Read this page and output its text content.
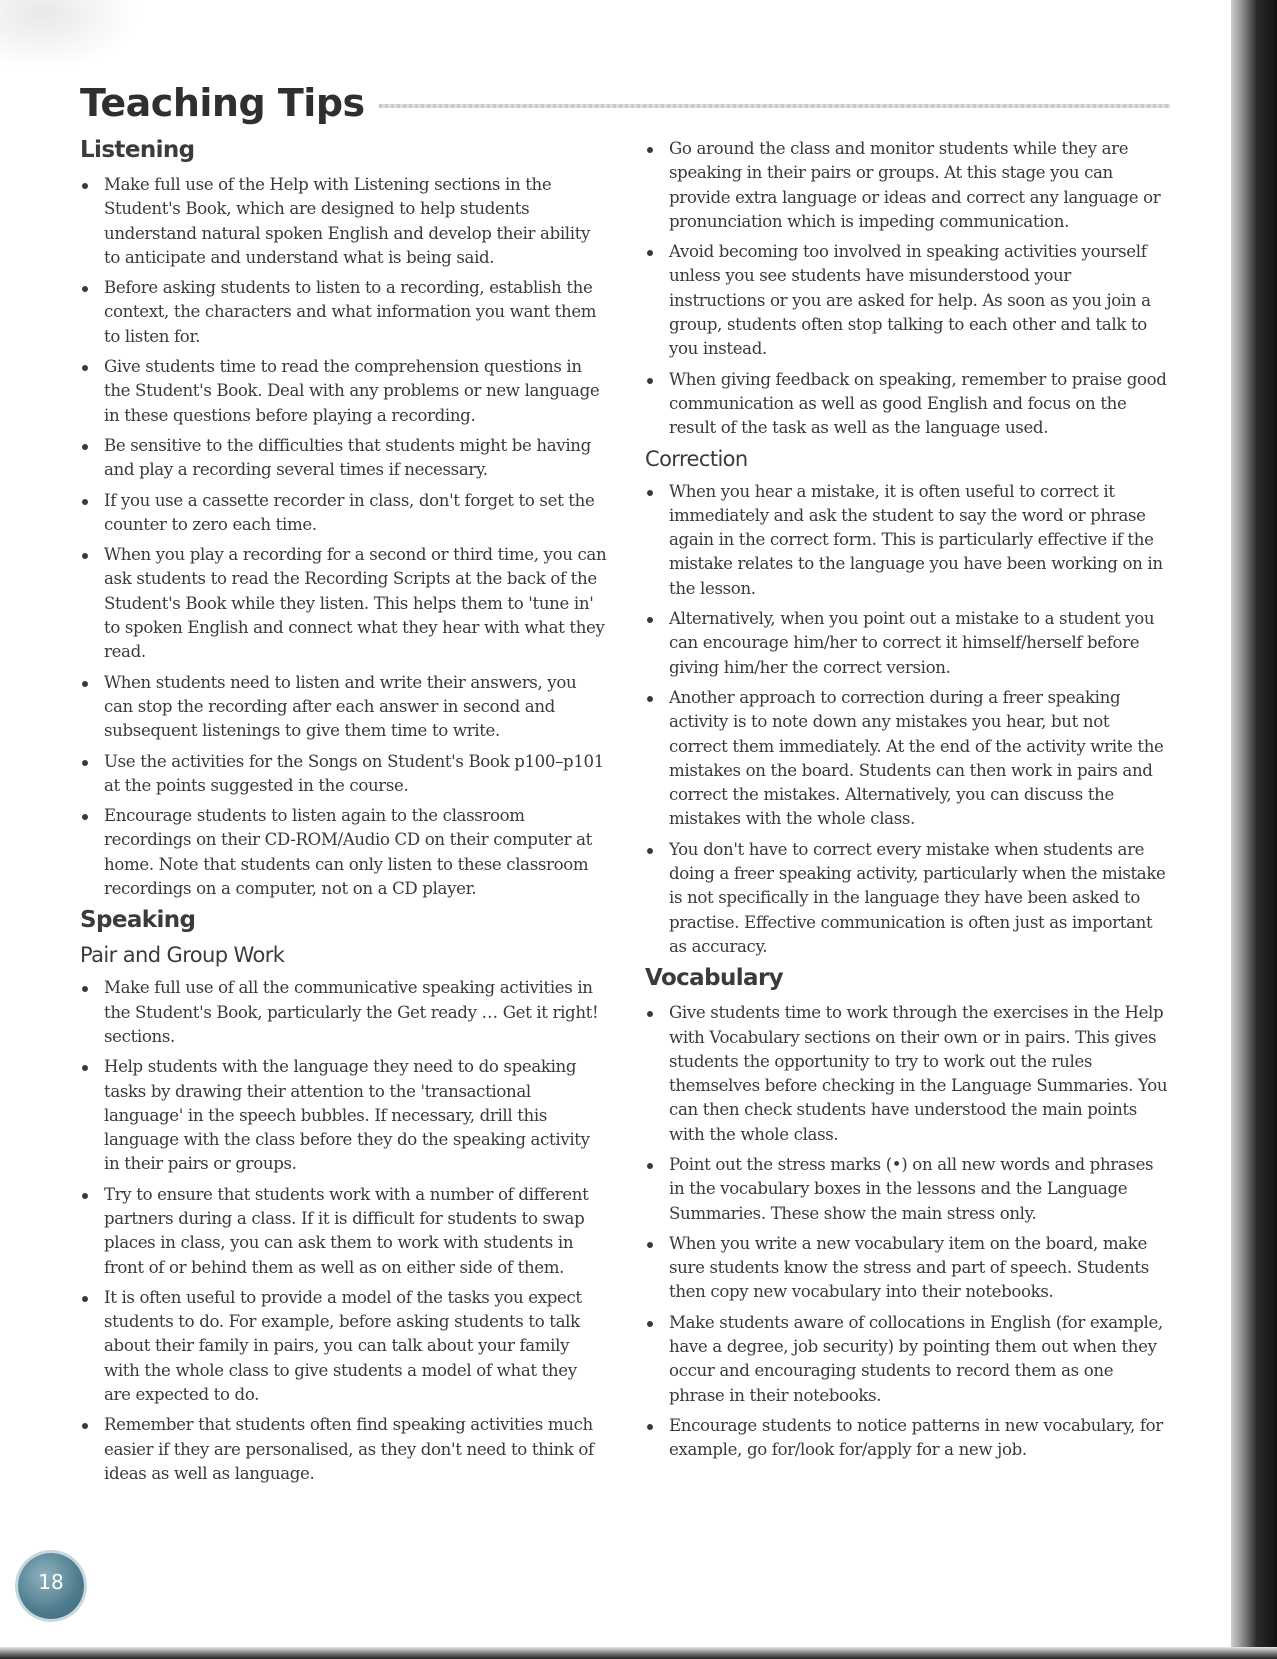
Teaching Tips
Listening
Make full use of the Help with Listening sections in the Student's Book, which are designed to help students understand natural spoken English and develop their ability to anticipate and understand what is being said.
Before asking students to listen to a recording, establish the context, the characters and what information you want them to listen for.
Give students time to read the comprehension questions in the Student's Book. Deal with any problems or new language in these questions before playing a recording.
Be sensitive to the difficulties that students might be having and play a recording several times if necessary.
If you use a cassette recorder in class, don't forget to set the counter to zero each time.
When you play a recording for a second or third time, you can ask students to read the Recording Scripts at the back of the Student's Book while they listen. This helps them to 'tune in' to spoken English and connect what they hear with what they read.
When students need to listen and write their answers, you can stop the recording after each answer in second and subsequent listenings to give them time to write.
Use the activities for the Songs on Student's Book p100–p101 at the points suggested in the course.
Encourage students to listen again to the classroom recordings on their CD-ROM/Audio CD on their computer at home. Note that students can only listen to these classroom recordings on a computer, not on a CD player.
Speaking
Pair and Group Work
Make full use of all the communicative speaking activities in the Student's Book, particularly the Get ready … Get it right! sections.
Help students with the language they need to do speaking tasks by drawing their attention to the 'transactional language' in the speech bubbles. If necessary, drill this language with the class before they do the speaking activity in their pairs or groups.
Try to ensure that students work with a number of different partners during a class. If it is difficult for students to swap places in class, you can ask them to work with students in front of or behind them as well as on either side of them.
It is often useful to provide a model of the tasks you expect students to do. For example, before asking students to talk about their family in pairs, you can talk about your family with the whole class to give students a model of what they are expected to do.
Remember that students often find speaking activities much easier if they are personalised, as they don't need to think of ideas as well as language.
Go around the class and monitor students while they are speaking in their pairs or groups. At this stage you can provide extra language or ideas and correct any language or pronunciation which is impeding communication.
Avoid becoming too involved in speaking activities yourself unless you see students have misunderstood your instructions or you are asked for help. As soon as you join a group, students often stop talking to each other and talk to you instead.
When giving feedback on speaking, remember to praise good communication as well as good English and focus on the result of the task as well as the language used.
Correction
When you hear a mistake, it is often useful to correct it immediately and ask the student to say the word or phrase again in the correct form. This is particularly effective if the mistake relates to the language you have been working on in the lesson.
Alternatively, when you point out a mistake to a student you can encourage him/her to correct it himself/herself before giving him/her the correct version.
Another approach to correction during a freer speaking activity is to note down any mistakes you hear, but not correct them immediately. At the end of the activity write the mistakes on the board. Students can then work in pairs and correct the mistakes. Alternatively, you can discuss the mistakes with the whole class.
You don't have to correct every mistake when students are doing a freer speaking activity, particularly when the mistake is not specifically in the language they have been asked to practise. Effective communication is often just as important as accuracy.
Vocabulary
Give students time to work through the exercises in the Help with Vocabulary sections on their own or in pairs. This gives students the opportunity to try to work out the rules themselves before checking in the Language Summaries. You can then check students have understood the main points with the whole class.
Point out the stress marks (•) on all new words and phrases in the vocabulary boxes in the lessons and the Language Summaries. These show the main stress only.
When you write a new vocabulary item on the board, make sure students know the stress and part of speech. Students then copy new vocabulary into their notebooks.
Make students aware of collocations in English (for example, have a degree, job security) by pointing them out when they occur and encouraging students to record them as one phrase in their notebooks.
Encourage students to notice patterns in new vocabulary, for example, go for/look for/apply for a new job.
18
